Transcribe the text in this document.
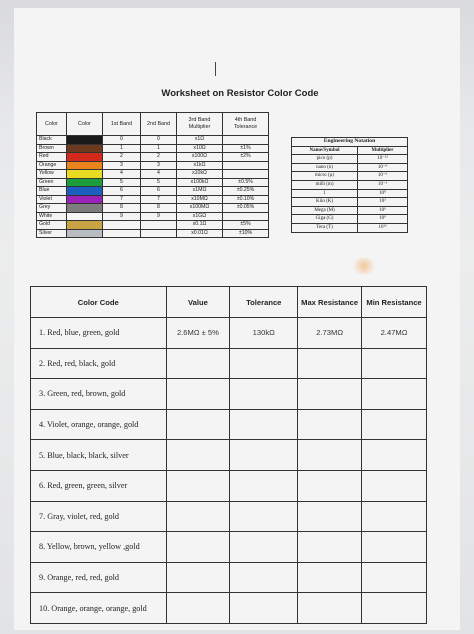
Worksheet on Resistor Color Code
Color	Color	1st Band	2nd Band	3rd Band Multiplier	4th Band Tolerance
Black		0	0	x1Ω	
Brown		1	1	x10Ω	±1%
Red		2	2	x100Ω	±2%
Orange		3	3	x1kΩ	
Yellow		4	4	x10kΩ	
Green		5	5	x100kΩ	±0.5%
Blue		6	6	x1MΩ	±0.25%
Violet		7	7	x10MΩ	±0.10%
Grey		8	8	x100MΩ	±0.05%
White		9	9	x1GΩ	
Gold				x0.1Ω	±5%
Silver				x0.01Ω	±10%
Engineering Notation	
Name/Symbol	Multiplier
pico (p)	10⁻¹²
nano (n)	10⁻⁹
micro (µ)	10⁻⁶
milli (m)	10⁻³
1	10⁰
Kilo (K)	10³
Mega (M)	10⁶
Giga (G)	10⁹
Tera (T)	10¹²
Color Code	Value	Tolerance	Max Resistance	Min Resistance
1. Red, blue, green, gold	2.6MΩ ± 5%	130kΩ	2.73MΩ	2.47MΩ
2. Red, red, black, gold				
3. Green, red, brown, gold				
4. Violet, orange, orange, gold				
5. Blue, black, black, silver				
6. Red, green, green, silver				
7. Gray, violet, red, gold				
8. Yellow, brown, yellow ,gold				
9. Orange, red, red, gold				
10. Orange, orange, orange, gold				
